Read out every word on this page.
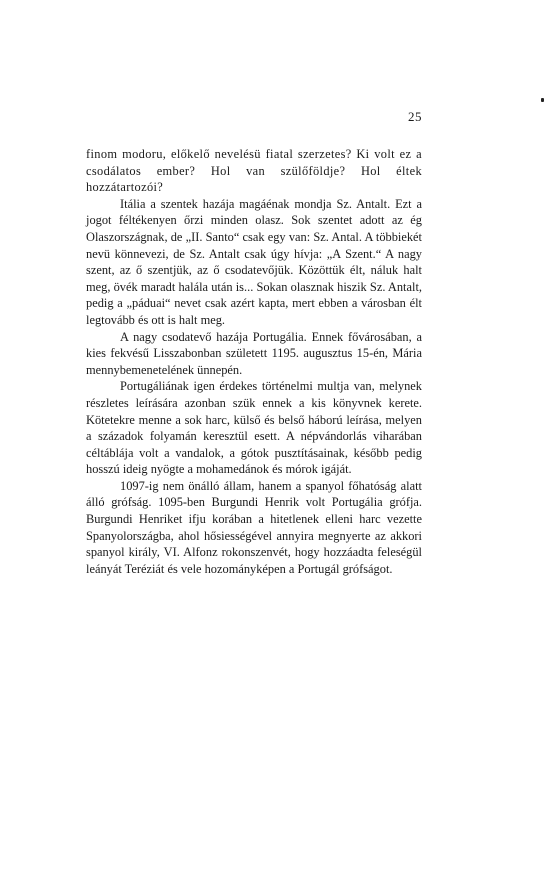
25

finom modoru, előkelő nevelésü fiatal szerzetes? Ki volt ez a csodálatos ember? Hol van szülőföldje? Hol éltek hozzátartozói?

Itália a szentek hazája magáénak mondja Sz. Antalt. Ezt a jogot féltékenyen őrzi minden olasz. Sok szentet adott az ég Olaszországnak, de „II. Santo“ csak egy van: Sz. Antal. A többiekét nevü könnevezi, de Sz. Antalt csak úgy hívja: „A Szent.“ A nagy szent, az ő szentjük, az ő csodatevőjük. Közöttük élt, náluk halt meg, övék maradt halála után is... Sokan olasznak hiszik Sz. Antalt, pedig a „páduai“ nevet csak azért kapta, mert ebben a városban élt legtovább és ott is halt meg.

A nagy csodatevő hazája Portugália. Ennek fővárosában, a kies fekvésű Lisszabonban született 1195. augusztus 15-én, Mária mennybemenetelének ünnepén.

Portugáliának igen érdekes történelmi multja van, melynek részletes leírására azonban szük ennek a kis könyvnek kerete. Kötetekre menne a sok harc, külső és belső háború leírása, melyen a századok folyamán keresztül esett. A népvándorlás viharában céltáblája volt a vandalok, a gótok pusztításainak, később pedig hosszú ideig nyögte a mohamedánok és mórok igáját.

1097-ig nem önálló állam, hanem a spanyol főhatóság alatt álló grófság. 1095-ben Burgundi Henrik volt Portugália grófja. Burgundi Henriket ifju korában a hitetlenek elleni harc vezette Spanyolországba, ahol hősiességével annyira megnyerte az akkori spanyol király, VI. Alfonz rokonszenvét, hogy hozzáadta feleségül leányát Teréziát és vele hozományképen a Portugál grófságot.
